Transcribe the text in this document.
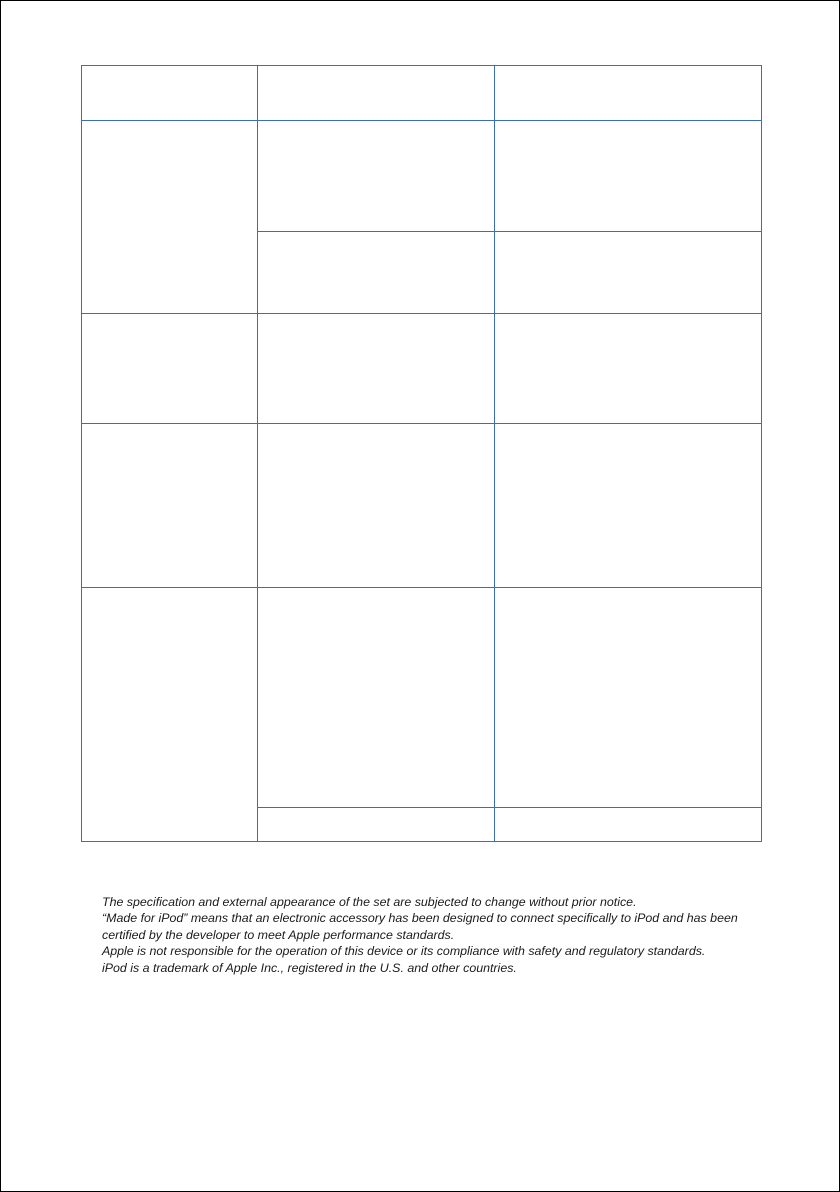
The specification and external appearance of the set are subjected to change without prior notice.

“Made for iPod” means that an electronic accessory has been designed to connect specifically to iPod and has been certified by the developer to meet Apple performance standards.

Apple is not responsible for the operation of this device or its compliance with safety and regulatory standards.

iPod is a trademark of Apple Inc., registered in the U.S. and other countries.
